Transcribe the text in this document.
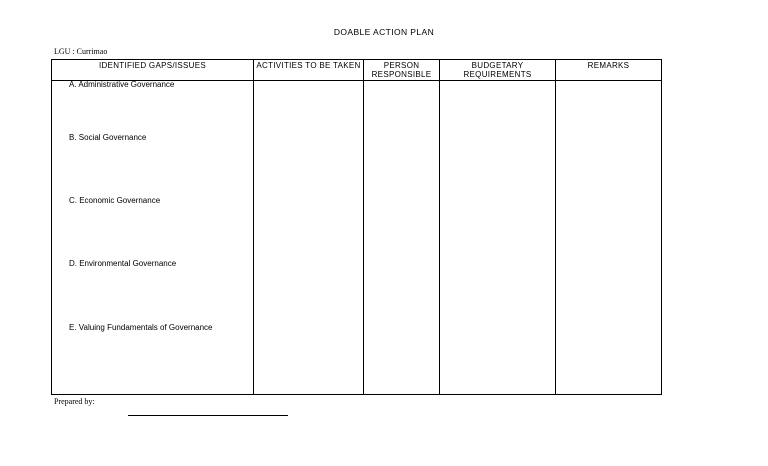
DOABLE ACTION PLAN
LGU : Currimao
IDENTIFIED GAPS/ISSUES	ACTIVITIES TO BE TAKEN	PERSON RESPONSIBLE
BUDGETARY REQUIREMENTS
REMARKS
A. Administrative Governance
B. Social Governance
C. Economic Governance
D. Environmental Governance
E. Valuing Fundamentals of Governance
Prepared by:
